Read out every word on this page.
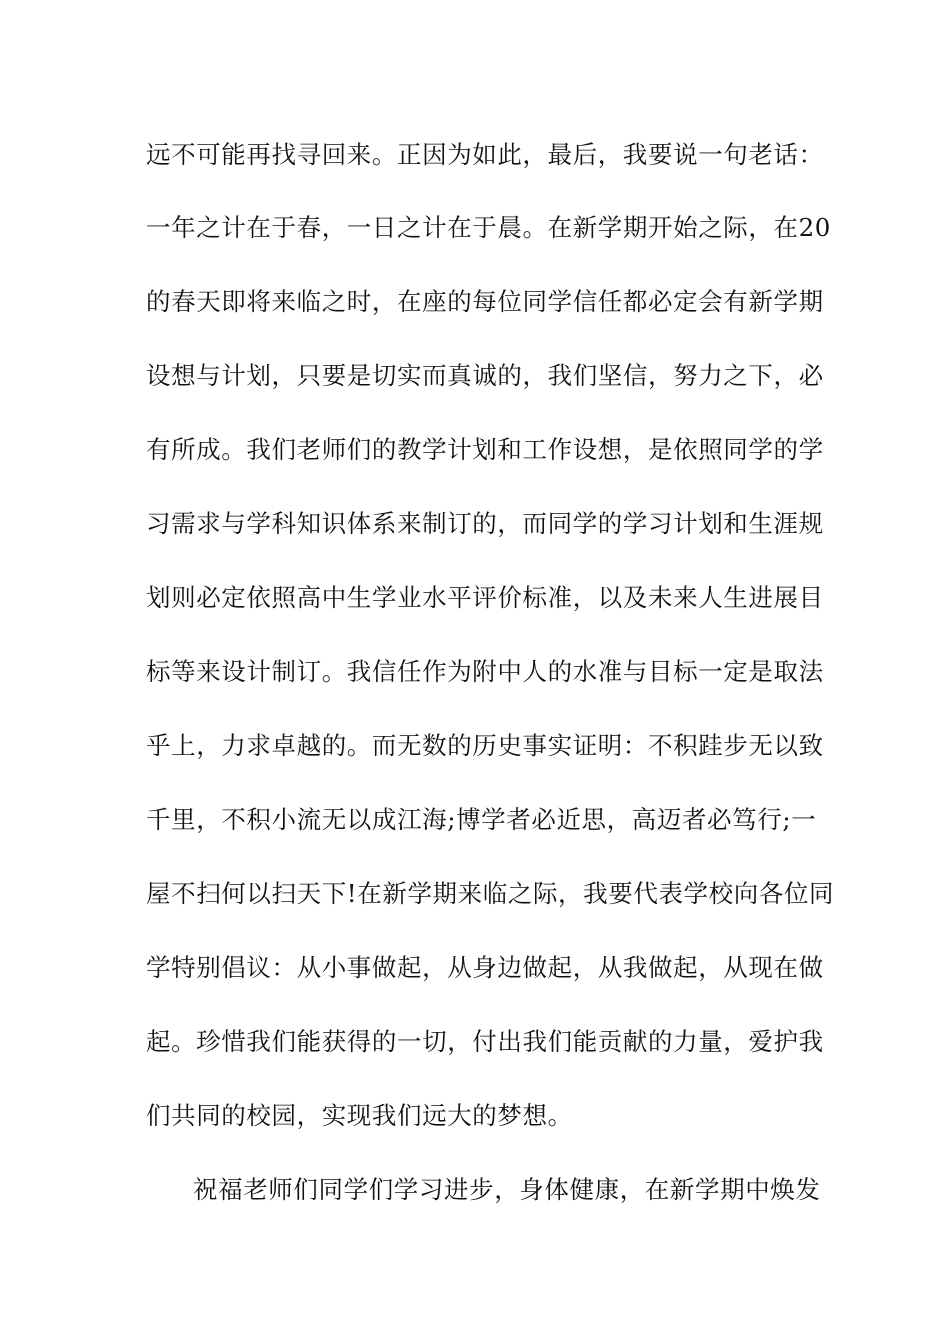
远不可能再找寻回来。正因为如此，最后，我要说一句老话：
一年之计在于春，一日之计在于晨。在新学期开始之际，在20
的春天即将来临之时，在座的每位同学信任都必定会有新学期
设想与计划，只要是切实而真诚的，我们坚信，努力之下，必
有所成。我们老师们的教学计划和工作设想，是依照同学的学
习需求与学科知识体系来制订的，而同学的学习计划和生涯规
划则必定依照高中生学业水平评价标准，以及未来人生进展目
标等来设计制订。我信任作为附中人的水准与目标一定是取法
乎上，力求卓越的。而无数的历史事实证明：不积跬步无以致
千里，不积小流无以成江海;博学者必近思，高迈者必笃行;一
屋不扫何以扫天下!在新学期来临之际，我要代表学校向各位同
学特别倡议：从小事做起，从身边做起，从我做起，从现在做
起。珍惜我们能获得的一切，付出我们能贡献的力量，爱护我
们共同的校园，实现我们远大的梦想。
祝福老师们同学们学习进步，身体健康，在新学期中焕发
